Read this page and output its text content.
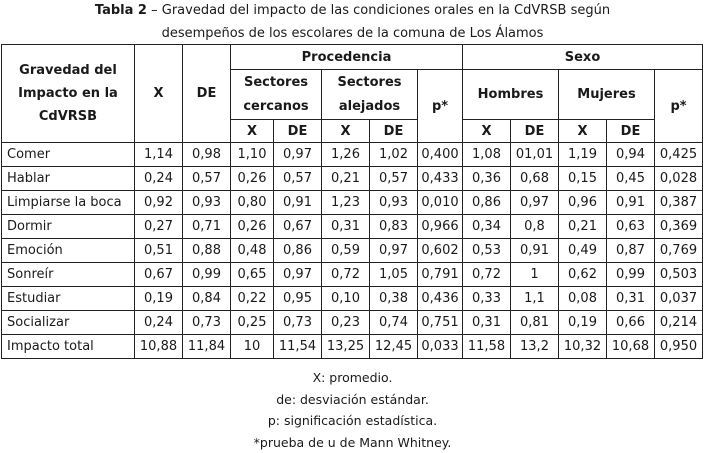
Tabla 2 – Gravedad del impacto de las condiciones orales en la CdVRSB según

desempeños de los escolares de la comuna de Los Álamos

Gravedad del Impacto en la CdVRSB	X	DE	Procedencia					Sexo				
			Sectores cercanos		Sectores alejados		p*	Hombres		Mujeres		p*
			X	DE	X	DE		X	DE	X	DE	
Comer	1,14	0,98	1,10	0,97	1,26	1,02	0,400	1,08	01,01	1,19	0,94	0,425
Hablar	0,24	0,57	0,26	0,57	0,21	0,57	0,433	0,36	0,68	0,15	0,45	0,028
Limpiarse la boca	0,92	0,93	0,80	0,91	1,23	0,93	0,010	0,86	0,97	0,96	0,91	0,387
Dormir	0,27	0,71	0,26	0,67	0,31	0,83	0,966	0,34	0,8	0,21	0,63	0,369
Emoción	0,51	0,88	0,48	0,86	0,59	0,97	0,602	0,53	0,91	0,49	0,87	0,769
Sonreír	0,67	0,99	0,65	0,97	0,72	1,05	0,791	0,72	1	0,62	0,99	0,503
Estudiar	0,19	0,84	0,22	0,95	0,10	0,38	0,436	0,33	1,1	0,08	0,31	0,037
Socializar	0,24	0,73	0,25	0,73	0,23	0,74	0,751	0,31	0,81	0,19	0,66	0,214
Impacto total	10,88	11,84	10	11,54	13,25	12,45	0,033	11,58	13,2	10,32	10,68	0,950
X: promedio.
de: desviación estándar.
p: significación estadística.
*prueba de u de Mann Whitney.
